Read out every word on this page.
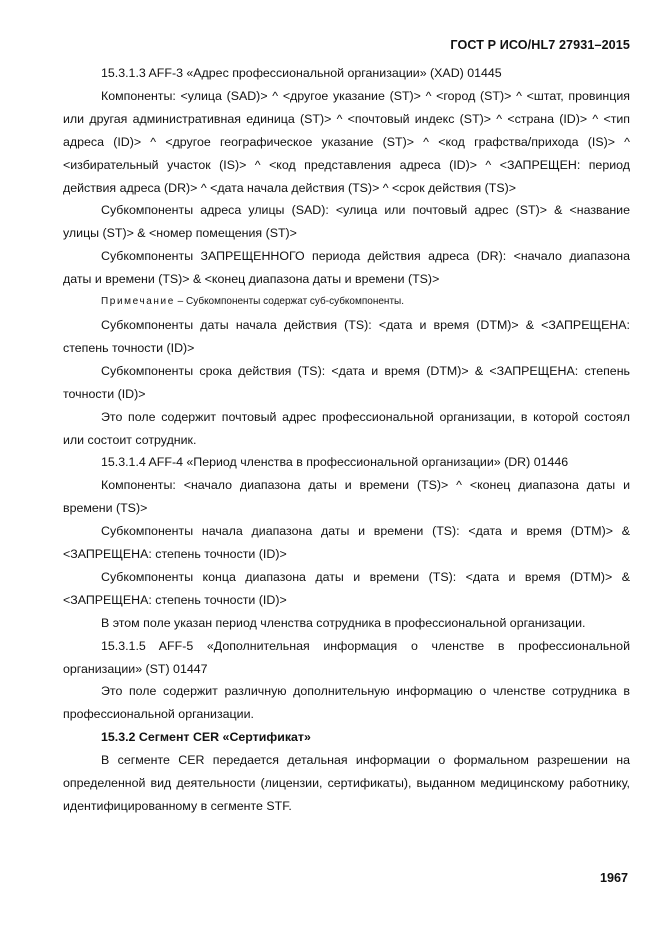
ГОСТ Р ИСО/HL7 27931–2015

15.3.1.3 AFF-3 «Адрес профессиональной организации» (XAD) 01445

Компоненты: <улица (SAD)> ^ <другое указание (ST)> ^ <город (ST)> ^ <штат, провинция или другая административная единица (ST)> ^ <почтовый индекс (ST)> ^ <страна (ID)> ^ <тип адреса (ID)> ^ <другое географическое указание (ST)> ^ <код графства/прихода (IS)> ^ <избирательный участок (IS)> ^ <код представления адреса (ID)> ^ <ЗАПРЕЩЕН: период действия адреса (DR)> ^ <дата начала действия (TS)> ^ <срок действия (TS)>

Субкомпоненты адреса улицы (SAD): <улица или почтовый адрес (ST)> & <название улицы (ST)> & <номер помещения (ST)>

Субкомпоненты ЗАПРЕЩЕННОГО периода действия адреса (DR): <начало диапазона даты и времени (TS)> & <конец диапазона даты и времени (TS)>

Примечание – Субкомпоненты содержат суб-субкомпоненты.

Субкомпоненты даты начала действия (TS): <дата и время (DTM)> & <ЗАПРЕЩЕНА: степень точности (ID)>

Субкомпоненты срока действия (TS): <дата и время (DTM)> & <ЗАПРЕЩЕНА: степень точности (ID)>

Это поле содержит почтовый адрес профессиональной организации, в которой состоял или состоит сотрудник.

15.3.1.4 AFF-4 «Период членства в профессиональной организации» (DR) 01446

Компоненты: <начало диапазона даты и времени (TS)> ^ <конец диапазона даты и времени (TS)>

Субкомпоненты начала диапазона даты и времени (TS): <дата и время (DTM)> & <ЗАПРЕЩЕНА: степень точности (ID)>

Субкомпоненты конца диапазона даты и времени (TS): <дата и время (DTM)> & <ЗАПРЕЩЕНА: степень точности (ID)>

В этом поле указан период членства сотрудника в профессиональной организации.

15.3.1.5 AFF-5 «Дополнительная информация о членстве в профессиональной организации» (ST) 01447

Это поле содержит различную дополнительную информацию о членстве сотрудника в профессиональной организации.

15.3.2 Сегмент CER «Сертификат»

В сегменте CER передается детальная информации о формальном разрешении на определенной вид деятельности (лицензии, сертификаты), выданном медицинскому работнику, идентифицированному в сегменте STF.

1967
